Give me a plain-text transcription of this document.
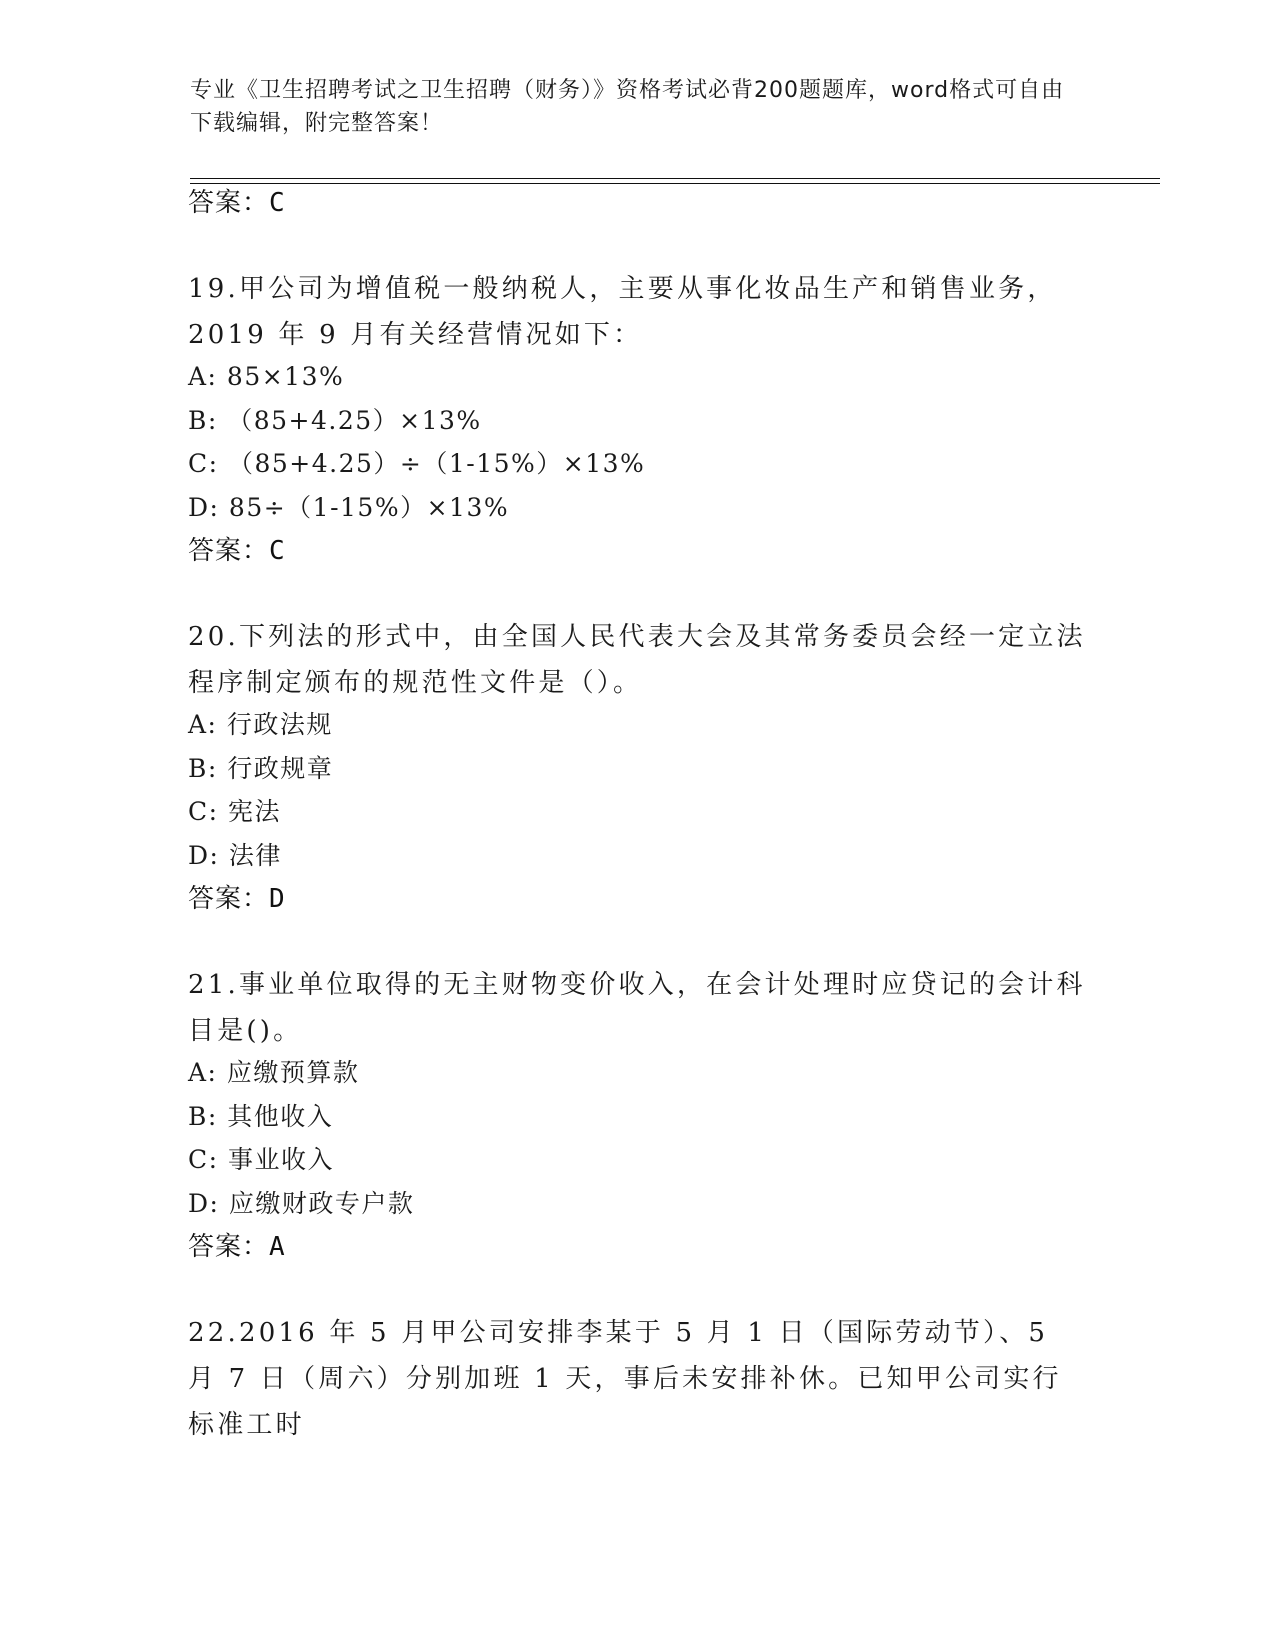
专业《卫生招聘考试之卫生招聘（财务）》资格考试必背200题题库，word格式可自由下载编辑，附完整答案！
答案：C
19.甲公司为增值税一般纳税人，主要从事化妆品生产和销售业务，2019 年 9 月有关经营情况如下：
A: 85×13%
B: （85+4.25）×13%
C: （85+4.25）÷（1-15%）×13%
D: 85÷（1-15%）×13%
答案：C
20.下列法的形式中，由全国人民代表大会及其常务委员会经一定立法程序制定颁布的规范性文件是（）。
A: 行政法规
B: 行政规章
C: 宪法
D: 法律
答案：D
21.事业单位取得的无主财物变价收入，在会计处理时应贷记的会计科目是()。
A: 应缴预算款
B: 其他收入
C: 事业收入
D: 应缴财政专户款
答案：A
22.2016 年 5 月甲公司安排李某于 5 月 1 日（国际劳动节）、5 月 7 日（周六）分别加班 1 天，事后未安排补休。已知甲公司实行标准工时
